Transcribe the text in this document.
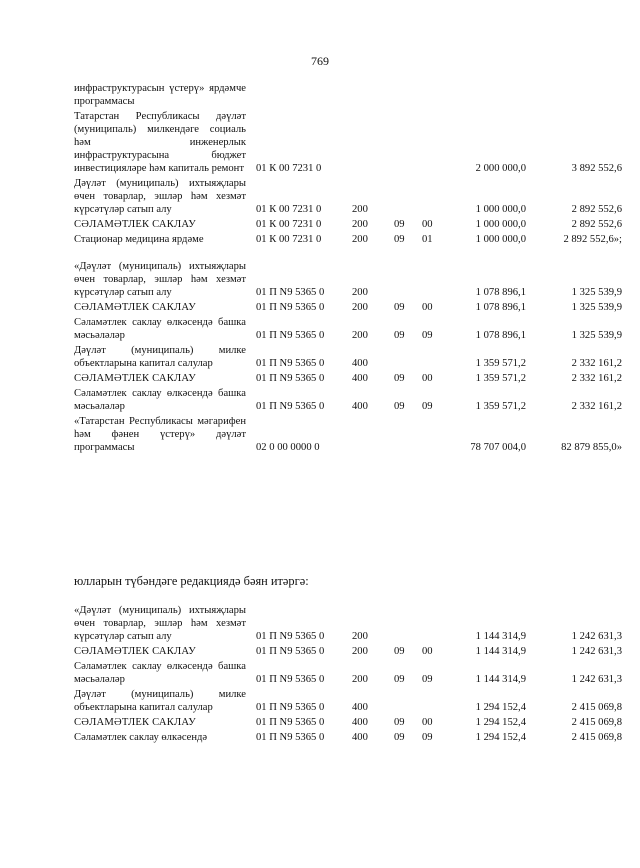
769
инфраструктурасын үстерү» ярдәмче программасы
Татарстан Республикасы дәүләт (муниципаль) милкендәге социаль һәм инженерлык инфраструктурасына бюджет инвестицияләре һәм капиталь ремонт 01 К 00 7231 0	2 000 000,0	3 892 552,6
Дәүләт (муниципаль) ихтыяҗлары өчен товарлар, эшләр һәм хезмәт күрсәтүләр сатып алу	01 К 00 7231 0	200	1 000 000,0	2 892 552,6
СӘЛАМӘТЛЕК САКЛАУ	01 К 00 7231 0	200 09 00	1 000 000,0	2 892 552,6
Стационар медицина ярдәме	01 К 00 7231 0	200 09 01	1 000 000,0	2 892 552,6»;
«Дәүләт (муниципаль) ихтыяҗлары өчен товарлар, эшләр һәм хезмәт күрсәтүләр сатып алу	01 П N9 5365 0	200	1 078 896,1	1 325 539,9
СӘЛАМӘТЛЕК САКЛАУ	01 П N9 5365 0	200 09 00	1 078 896,1	1 325 539,9
Сәламәтлек саклау өлкәсендә башка мәсьәләләр	01 П N9 5365 0	200 09 09	1 078 896,1	1 325 539,9
Дәүләт (муниципаль) милке объектларына капитал салулар	01 П N9 5365 0	400	1 359 571,2	2 332 161,2
СӘЛАМӘТЛЕК САКЛАУ	01 П N9 5365 0	400 09 00	1 359 571,2	2 332 161,2
Сәламәтлек саклау өлкәсендә башка мәсьәләләр	01 П N9 5365 0	400 09 09	1 359 571,2	2 332 161,2
«Татарстан Республикасы мәгарифен һәм фәнен үстерү» дәүләт программасы	02 0 00 0000 0	78 707 004,0	82 879 855,0»
юлларын түбәндәге редакциядә бәян итәргә:
«Дәүләт (муниципаль) ихтыяҗлары өчен товарлар, эшләр һәм хезмәт күрсәтүләр сатып алу	01 П N9 5365 0	200	1 144 314,9	1 242 631,3
СӘЛАМӘТЛЕК САКЛАУ	01 П N9 5365 0	200 09 00	1 144 314,9	1 242 631,3
Сәламәтлек саклау өлкәсендә башка мәсьәләләр	01 П N9 5365 0	200 09 09	1 144 314,9	1 242 631,3
Дәүләт (муниципаль) милке объектларына капитал салулар	01 П N9 5365 0	400	1 294 152,4	2 415 069,8
СӘЛАМӘТЛЕК САКЛАУ	01 П N9 5365 0	400 09 00	1 294 152,4	2 415 069,8
Сәламәтлек саклау өлкәсендә	01 П N9 5365 0	400 09 09	1 294 152,4	2 415 069,8
